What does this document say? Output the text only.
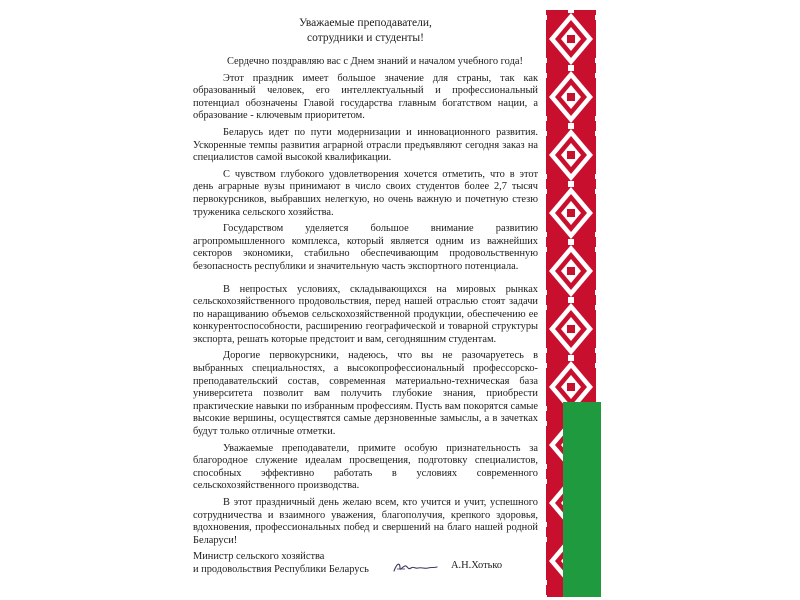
Уважаемые преподаватели,
сотрудники и студенты!

Сердечно поздравляю вас с Днем знаний и началом учебного года!

Этот праздник имеет большое значение для страны, так как образованный человек, его интеллектуальный и профессиональный потенциал обозначены Главой государства главным богатством нации, а образование - ключевым приоритетом.

Беларусь идет по пути модернизации и инновационного развития. Ускоренные темпы развития аграрной отрасли предъявляют сегодня заказ на специалистов самой высокой квалификации.

С чувством глубокого удовлетворения хочется отметить, что в этот день аграрные вузы принимают в число своих студентов более 2,7 тысяч первокурсников, выбравших нелегкую, но очень важную и почетную стезю труженика сельского хозяйства.

Государством уделяется большое внимание развитию агропромышленного комплекса, который является одним из важнейших секторов экономики, стабильно обеспечивающим продовольственную безопасность республики и значительную часть экспортного потенциала.

В непростых условиях, складывающихся на мировых рынках сельскохозяйственного продовольствия, перед нашей отраслью стоят задачи по наращиванию объемов сельскохозяйственной продукции, обеспечению ее конкурентоспособности, расширению географической и товарной структуры экспорта, решать которые предстоит и вам, сегодняшним студентам.

Дорогие первокурсники, надеюсь, что вы не разочаруетесь в выбранных специальностях, а высокопрофессиональный профессорско-преподавательский состав, современная материально-техническая база университета позволит вам получить глубокие знания, приобрести практические навыки по избранным профессиям. Пусть вам покорятся самые высокие вершины, осуществятся самые дерзновенные замыслы, а в зачетках будут только отличные отметки.

Уважаемые преподаватели, примите особую признательность за благородное служение идеалам просвещения, подготовку специалистов, способных эффективно работать в условиях современного сельскохозяйственного производства.

В этот праздничный день желаю всем, кто учится и учит, успешного сотрудничества и взаимного уважения, благополучия, крепкого здоровья, вдохновения, профессиональных побед и свершений на благо нашей родной Беларуси!

Министр сельского хозяйства
и продовольствия Республики Беларусь	А.Н.Хотько
